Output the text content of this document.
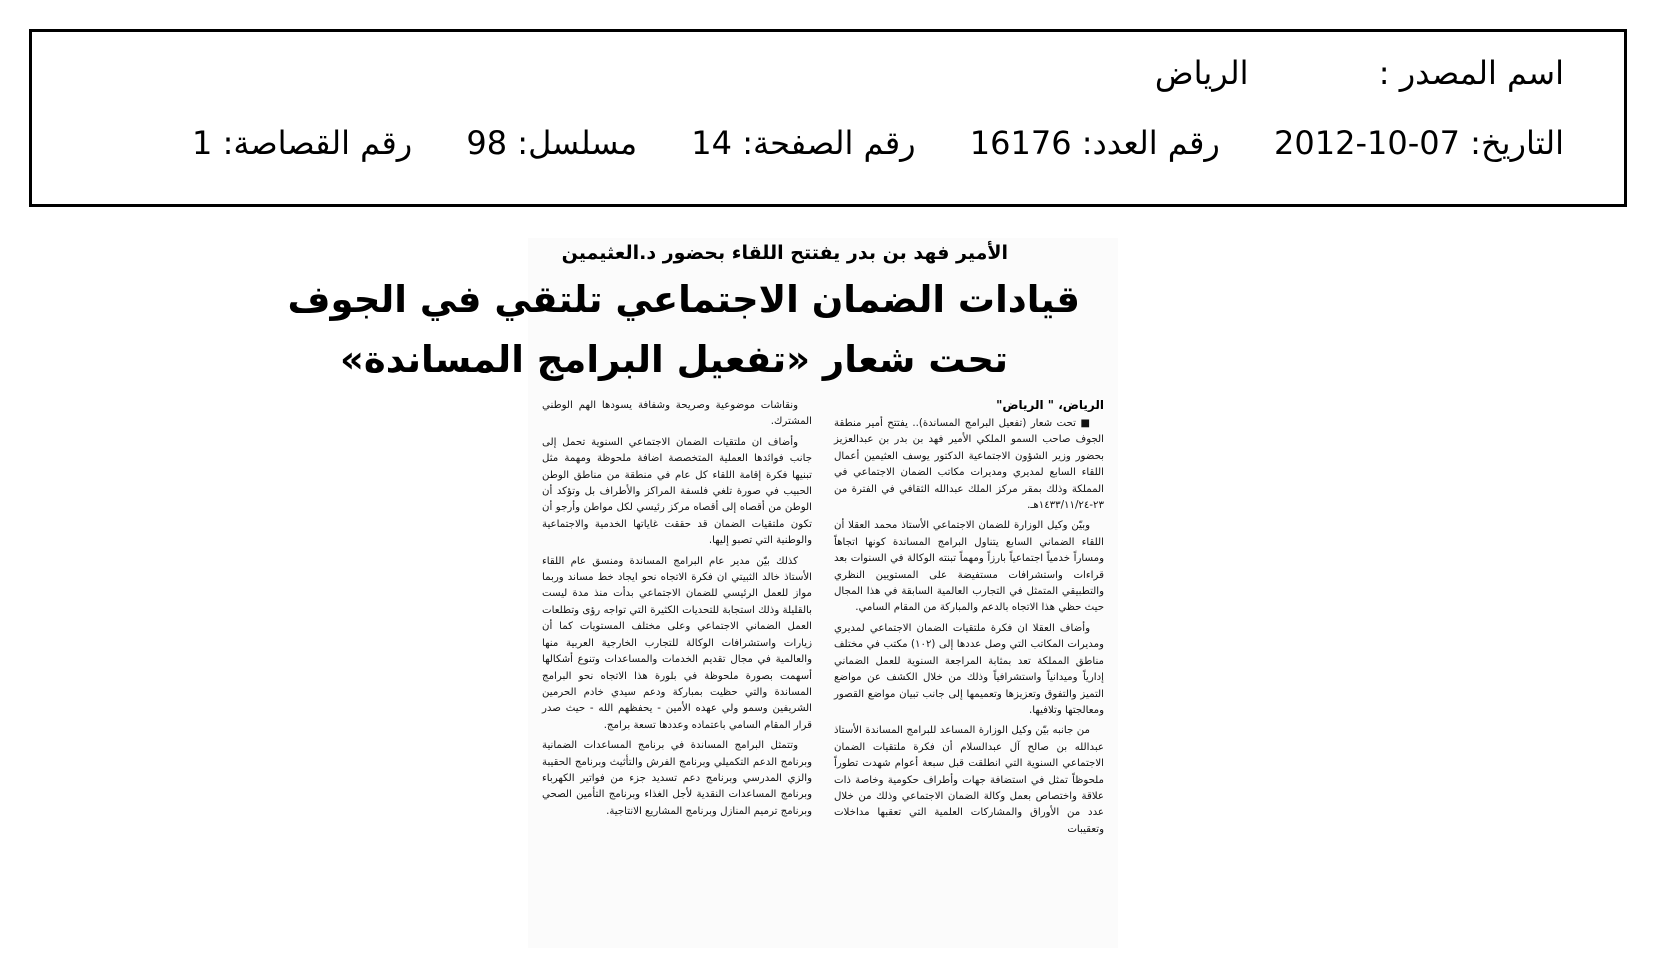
اسم المصدر : الرياض
التاريخ: 07-10-2012
رقم العدد: 16176
رقم الصفحة: 14
مسلسل: 98
رقم القصاصة: 1
الأمير فهد بن بدر يفتتح اللقاء بحضور د.العثيمين
قيادات الضمان الاجتماعي تلتقي في الجوف
تحت شعار «تفعيل البرامج المساندة»
الرياض، " الرياض"

■ تحت شعار (تفعيل البرامج المساندة).. يفتتح أمير منطقة الجوف صاحب السمو الملكي الأمير فهد بن بدر بن عبدالعزيز بحضور وزير الشؤون الاجتماعية الدكتور يوسف العثيمين أعمال اللقاء السابع لمديري ومديرات مكاتب الضمان الاجتماعي في المملكة وذلك بمقر مركز الملك عبدالله الثقافي في الفترة من ٢٣-١٤٣٣/١١/٢٤هـ.

وبيّن وكيل الوزارة للضمان الاجتماعي الأستاذ محمد العقلا أن اللقاء الضماني السابع يتناول البرامج المساندة كونها اتجاهاً ومساراً خدمياً اجتماعياً بارزاً ومهماً تبنته الوكالة في السنوات بعد قراءات واستشرافات مستفيضة على المستويين النظري والتطبيقي المتمثل في التجارب العالمية السابقة في هذا المجال حيث حظي هذا الاتجاه بالدعم والمباركة من المقام السامي.

وأضاف العقلا ان فكرة ملتقيات الضمان الاجتماعي لمديري ومديرات المكاتب التي وصل عددها إلى (١٠٢) مكتب في مختلف مناطق المملكة تعد بمثابة المراجعة السنوية للعمل الضماني إدارياً وميدانياً واستشرافياً وذلك من خلال الكشف عن مواضع التميز والتفوق وتعزيزها وتعميمها إلى جانب تبيان مواضع القصور ومعالجتها وتلافيها.

من جانبه بيّن وكيل الوزارة المساعد للبرامج المساندة الأستاذ عبدالله بن صالح آل عبدالسلام أن فكرة ملتقيات الضمان الاجتماعي السنوية التي انطلقت قبل سبعة أعوام شهدت تطوراً ملحوظاً تمثل في استضافة جهات وأطراف حكومية وخاصة ذات علاقة واختصاص بعمل وكالة الضمان الاجتماعي وذلك من خلال عدد من الأوراق والمشاركات العلمية التي تعقبها مداخلات وتعقيبات

ونقاشات موضوعية وصريحة وشفافة يسودها الهم الوطني المشترك.

وأضاف ان ملتقيات الضمان الاجتماعي السنوية تحمل إلى جانب فوائدها العملية المتخصصة اضافة ملحوظة ومهمة مثل تبنيها فكرة إقامة اللقاء كل عام في منطقة من مناطق الوطن الحبيب في صورة تلغي فلسفة المراكز والأطراف بل وتؤكد أن الوطن من أقصاه إلى أقصاه مركز رئيسي لكل مواطن وأرجو أن تكون ملتقيات الضمان قد حققت غاياتها الخدمية والاجتماعية والوطنية التي تصبو إليها.

كذلك بيّن مدير عام البرامج المساندة ومنسق عام اللقاء الأستاذ خالد الثبيتي ان فكرة الاتجاه نحو ايجاد خط مساند وربما مواز للعمل الرئيسي للضمان الاجتماعي بدأت منذ مدة ليست بالقليلة وذلك استجابة للتحديات الكثيرة التي تواجه رؤى وتطلعات العمل الضماني الاجتماعي وعلى مختلف المستويات كما أن زيارات واستشرافات الوكالة للتجارب الخارجية العربية منها والعالمية في مجال تقديم الخدمات والمساعدات وتنوع أشكالها أسهمت بصورة ملحوظة في بلورة هذا الاتجاه نحو البرامج المساندة والتي حظيت بمباركة ودعم سيدي خادم الحرمين الشريفين وسمو ولي عهده الأمين - يحفظهم الله - حيث صدر قرار المقام السامي باعتماده وعددها تسعة برامج.

وتتمثل البرامج المساندة في برنامج المساعدات الضمانية وبرنامج الدعم التكميلي وبرنامج الفرش والتأثيث وبرنامج الحقيبة والزي المدرسي وبرنامج دعم تسديد جزء من فواتير الكهرباء وبرنامج المساعدات النقدية لأجل الغذاء وبرنامج التأمين الصحي وبرنامج ترميم المنازل وبرنامج المشاريع الانتاجية.
